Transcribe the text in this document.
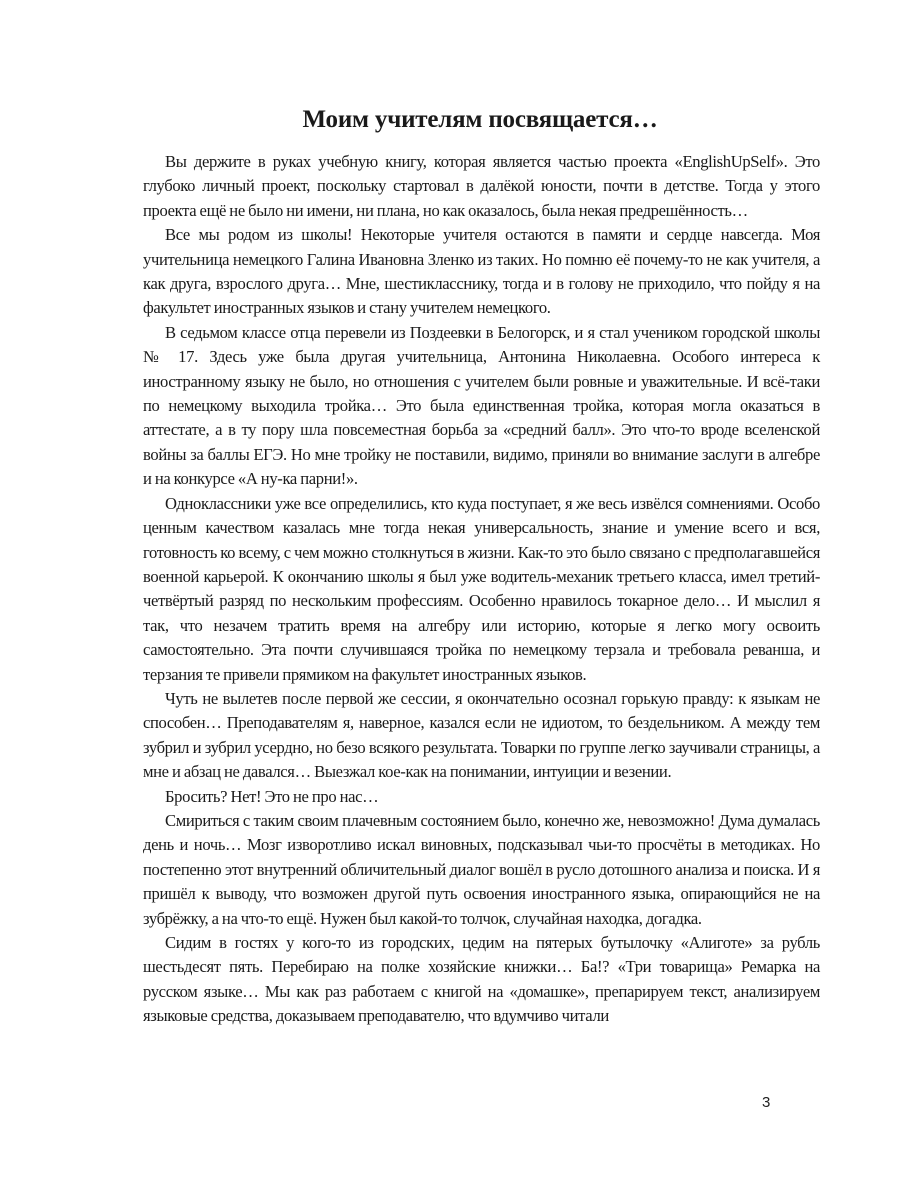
Моим учителям посвящается…

Вы держите в руках учебную книгу, которая является частью проекта «EnglishUpSelf». Это глубоко личный проект, поскольку стартовал в далёкой юности, почти в детстве. Тогда у этого проекта ещё не было ни имени, ни плана, но как оказалось, была некая предрешённость…

Все мы родом из школы! Некоторые учителя остаются в памяти и сердце навсегда. Моя учительница немецкого Галина Ивановна Зленко из таких. Но помню её почему-то не как учителя, а как друга, взрослого друга… Мне, шестикласснику, тогда и в голову не приходило, что пойду я на факультет иностранных языков и стану учителем немецкого.

В седьмом классе отца перевели из Поздеевки в Белогорск, и я стал учеником городской школы № 17. Здесь уже была другая учительница, Антонина Николаевна. Особого интереса к иностранному языку не было, но отношения с учителем были ровные и уважительные. И всё-таки по немецкому выходила тройка… Это была единственная тройка, которая могла оказаться в аттестате, а в ту пору шла повсеместная борьба за «средний балл». Это что-то вроде вселенской войны за баллы ЕГЭ. Но мне тройку не поставили, видимо, приняли во внимание заслуги в алгебре и на конкурсе «А ну-ка парни!».

Одноклассники уже все определились, кто куда поступает, я же весь извёлся сомнениями. Особо ценным качеством казалась мне тогда некая универсальность, знание и умение всего и вся, готовность ко всему, с чем можно столкнуться в жизни. Как-то это было связано с предполагавшейся военной карьерой. К окончанию школы я был уже водитель-механик третьего класса, имел третий-четвёртый разряд по нескольким профессиям. Особенно нравилось токарное дело… И мыслил я так, что незачем тратить время на алгебру или историю, которые я легко могу освоить самостоятельно. Эта почти случившаяся тройка по немецкому терзала и требовала реванша, и терзания те привели прямиком на факультет иностранных языков.

Чуть не вылетев после первой же сессии, я окончательно осознал горькую правду: к языкам не способен… Преподавателям я, наверное, казался если не идиотом, то бездельником. А между тем зубрил и зубрил усердно, но безо всякого результата. Товарки по группе легко заучивали страницы, а мне и абзац не давался… Выезжал кое-как на понимании, интуиции и везении.

Бросить? Нет! Это не про нас…

Смириться с таким своим плачевным состоянием было, конечно же, невозможно! Дума думалась день и ночь… Мозг изворотливо искал виновных, подсказывал чьи-то просчёты в методиках. Но постепенно этот внутренний обличительный диалог вошёл в русло дотошного анализа и поиска. И я пришёл к выводу, что возможен другой путь освоения иностранного языка, опирающийся не на зубрёжку, а на что-то ещё. Нужен был какой-то толчок, случайная находка, догадка.

Сидим в гостях у кого-то из городских, цедим на пятерых бутылочку «Алиготе» за рубль шестьдесят пять. Перебираю на полке хозяйские книжки… Ба!? «Три товарища» Ремарка на русском языке… Мы как раз работаем с книгой на «домашке», препарируем текст, анализируем языковые средства, доказываем преподавателю, что вдумчиво читали

3
